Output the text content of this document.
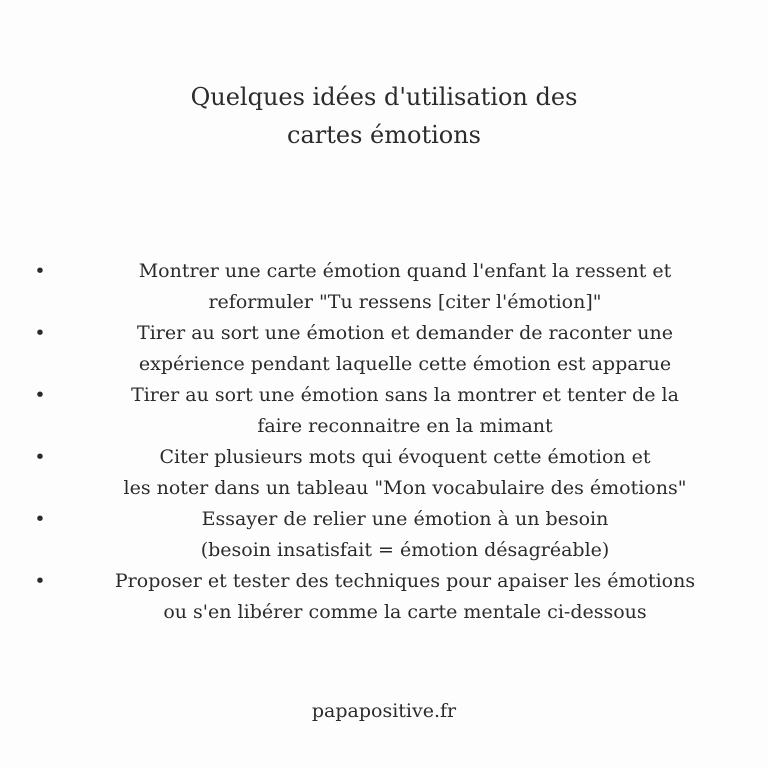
Quelques idées d'utilisation des
cartes émotions
•	Montrer une carte émotion quand l'enfant la ressent et
reformuler "Tu ressens [citer l'émotion]"
•	Tirer au sort une émotion et demander de raconter une
expérience pendant laquelle cette émotion est apparue
•	Tirer au sort une émotion sans la montrer et tenter de la
faire reconnaitre en la mimant
•	Citer plusieurs mots qui évoquent cette émotion et
les noter dans un tableau "Mon vocabulaire des émotions"
•	Essayer de relier une émotion à un besoin
(besoin insatisfait = émotion désagréable)
•	Proposer et tester des techniques pour apaiser les émotions
ou s'en libérer comme la carte mentale ci-dessous
papapositive.fr
